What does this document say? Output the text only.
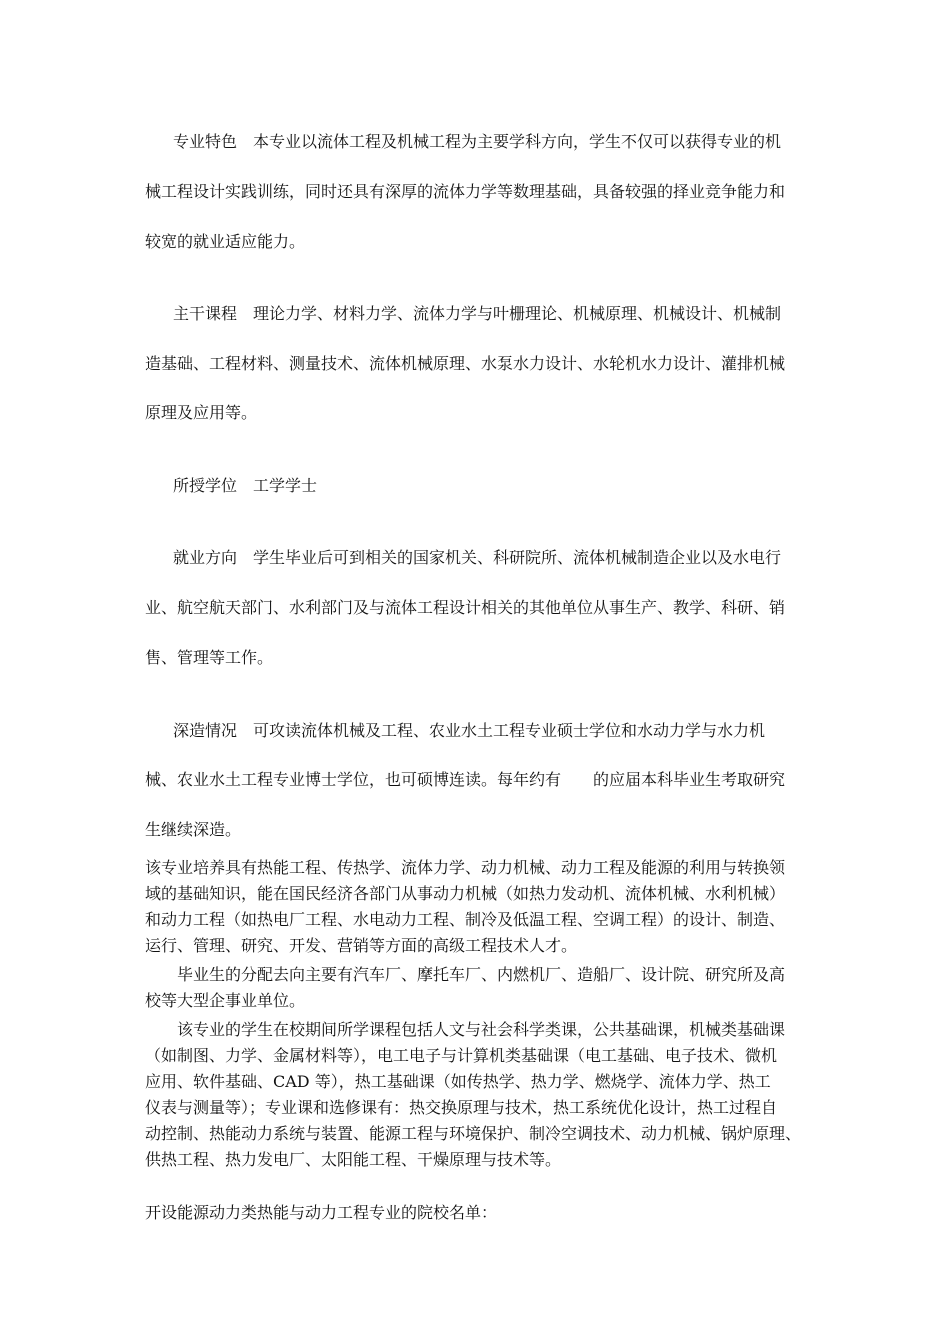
专业特色　本专业以流体工程及机械工程为主要学科方向，学生不仅可以获得专业的机
械工程设计实践训练，同时还具有深厚的流体力学等数理基础，具备较强的择业竞争能力和
较宽的就业适应能力。
主干课程　理论力学、材料力学、流体力学与叶栅理论、机械原理、机械设计、机械制
造基础、工程材料、测量技术、流体机械原理、水泵水力设计、水轮机水力设计、灌排机械
原理及应用等。
所授学位　工学学士
就业方向　学生毕业后可到相关的国家机关、科研院所、流体机械制造企业以及水电行
业、航空航天部门、水利部门及与流体工程设计相关的其他单位从事生产、教学、科研、销
售、管理等工作。
深造情况　可攻读流体机械及工程、农业水土工程专业硕士学位和水动力学与水力机
械、农业水土工程专业博士学位，也可硕博连读。每年约有　　的应届本科毕业生考取研究
生继续深造。
该专业培养具有热能工程、传热学、流体力学、动力机械、动力工程及能源的利用与转换领
域的基础知识，能在国民经济各部门从事动力机械（如热力发动机、流体机械、水利机械）
和动力工程（如热电厂工程、水电动力工程、制冷及低温工程、空调工程）的设计、制造、
运行、管理、研究、开发、营销等方面的高级工程技术人才。
　　毕业生的分配去向主要有汽车厂、摩托车厂、内燃机厂、造船厂、设计院、研究所及高
校等大型企事业单位。
　　该专业的学生在校期间所学课程包括人文与社会科学类课，公共基础课，机械类基础课
（如制图、力学、金属材料等），电工电子与计算机类基础课（电工基础、电子技术、微机
应用、软件基础、CAD 等），热工基础课（如传热学、热力学、燃烧学、流体力学、热工
仪表与测量等）；专业课和选修课有：热交换原理与技术，热工系统优化设计，热工过程自
动控制、热能动力系统与装置、能源工程与环境保护、制冷空调技术、动力机械、锅炉原理、
供热工程、热力发电厂、太阳能工程、干燥原理与技术等。
开设能源动力类热能与动力工程专业的院校名单：
